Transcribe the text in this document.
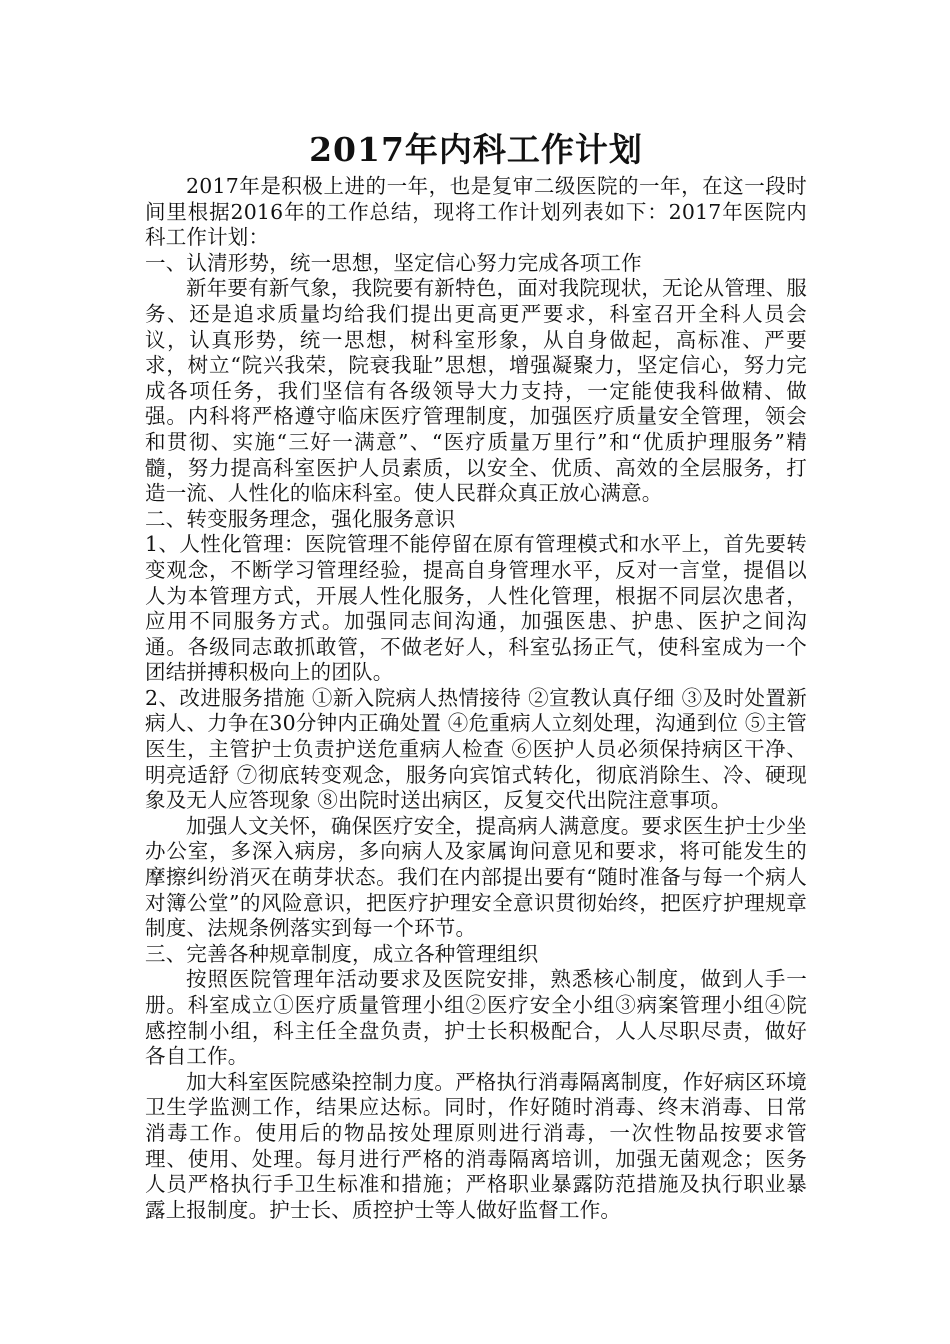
2017年内科工作计划

2017年是积极上进的一年，也是复审二级医院的一年，在这一段时间里根据2016年的工作总结，现将工作计划列表如下：2017年医院内科工作计划：

一、认清形势，统一思想，坚定信心努力完成各项工作

新年要有新气象，我院要有新特色，面对我院现状，无论从管理、服务、还是追求质量均给我们提出更高更严要求，科室召开全科人员会议，认真形势，统一思想，树科室形象，从自身做起，高标准、严要求，树立“院兴我荣，院衰我耻”思想，增强凝聚力，坚定信心，努力完成各项任务，我们坚信有各级领导大力支持，一定能使我科做精、做强。内科将严格遵守临床医疗管理制度，加强医疗质量安全管理，领会和贯彻、实施“三好一满意”、“医疗质量万里行”和“优质护理服务”精髓，努力提高科室医护人员素质，以安全、优质、高效的全层服务，打造一流、人性化的临床科室。使人民群众真正放心满意。

二、转变服务理念，强化服务意识

1、人性化管理：医院管理不能停留在原有管理模式和水平上，首先要转变观念，不断学习管理经验，提高自身管理水平，反对一言堂，提倡以人为本管理方式，开展人性化服务，人性化管理，根据不同层次患者，应用不同服务方式。加强同志间沟通，加强医患、护患、医护之间沟通。各级同志敢抓敢管，不做老好人，科室弘扬正气，使科室成为一个团结拼搏积极向上的团队。

2、改进服务措施 ①新入院病人热情接待 ②宣教认真仔细 ③及时处置新病人、力争在30分钟内正确处置 ④危重病人立刻处理，沟通到位 ⑤主管医生，主管护士负责护送危重病人检查 ⑥医护人员必须保持病区干净、明亮适舒 ⑦彻底转变观念，服务向宾馆式转化，彻底消除生、冷、硬现象及无人应答现象 ⑧出院时送出病区，反复交代出院注意事项。

加强人文关怀，确保医疗安全，提高病人满意度。要求医生护士少坐办公室，多深入病房，多向病人及家属询问意见和要求，将可能发生的摩擦纠纷消灭在萌芽状态。我们在内部提出要有“随时准备与每一个病人对簿公堂”的风险意识，把医疗护理安全意识贯彻始终，把医疗护理规章制度、法规条例落实到每一个环节。

三、完善各种规章制度，成立各种管理组织

按照医院管理年活动要求及医院安排，熟悉核心制度，做到人手一册。科室成立①医疗质量管理小组②医疗安全小组③病案管理小组④院感控制小组，科主任全盘负责，护士长积极配合，人人尽职尽责，做好各自工作。

加大科室医院感染控制力度。严格执行消毒隔离制度，作好病区环境卫生学监测工作，结果应达标。同时，作好随时消毒、终末消毒、日常消毒工作。使用后的物品按处理原则进行消毒，一次性物品按要求管理、使用、处理。每月进行严格的消毒隔离培训，加强无菌观念；医务人员严格执行手卫生标准和措施；严格职业暴露防范措施及执行职业暴露上报制度。护士长、质控护士等人做好监督工作。
